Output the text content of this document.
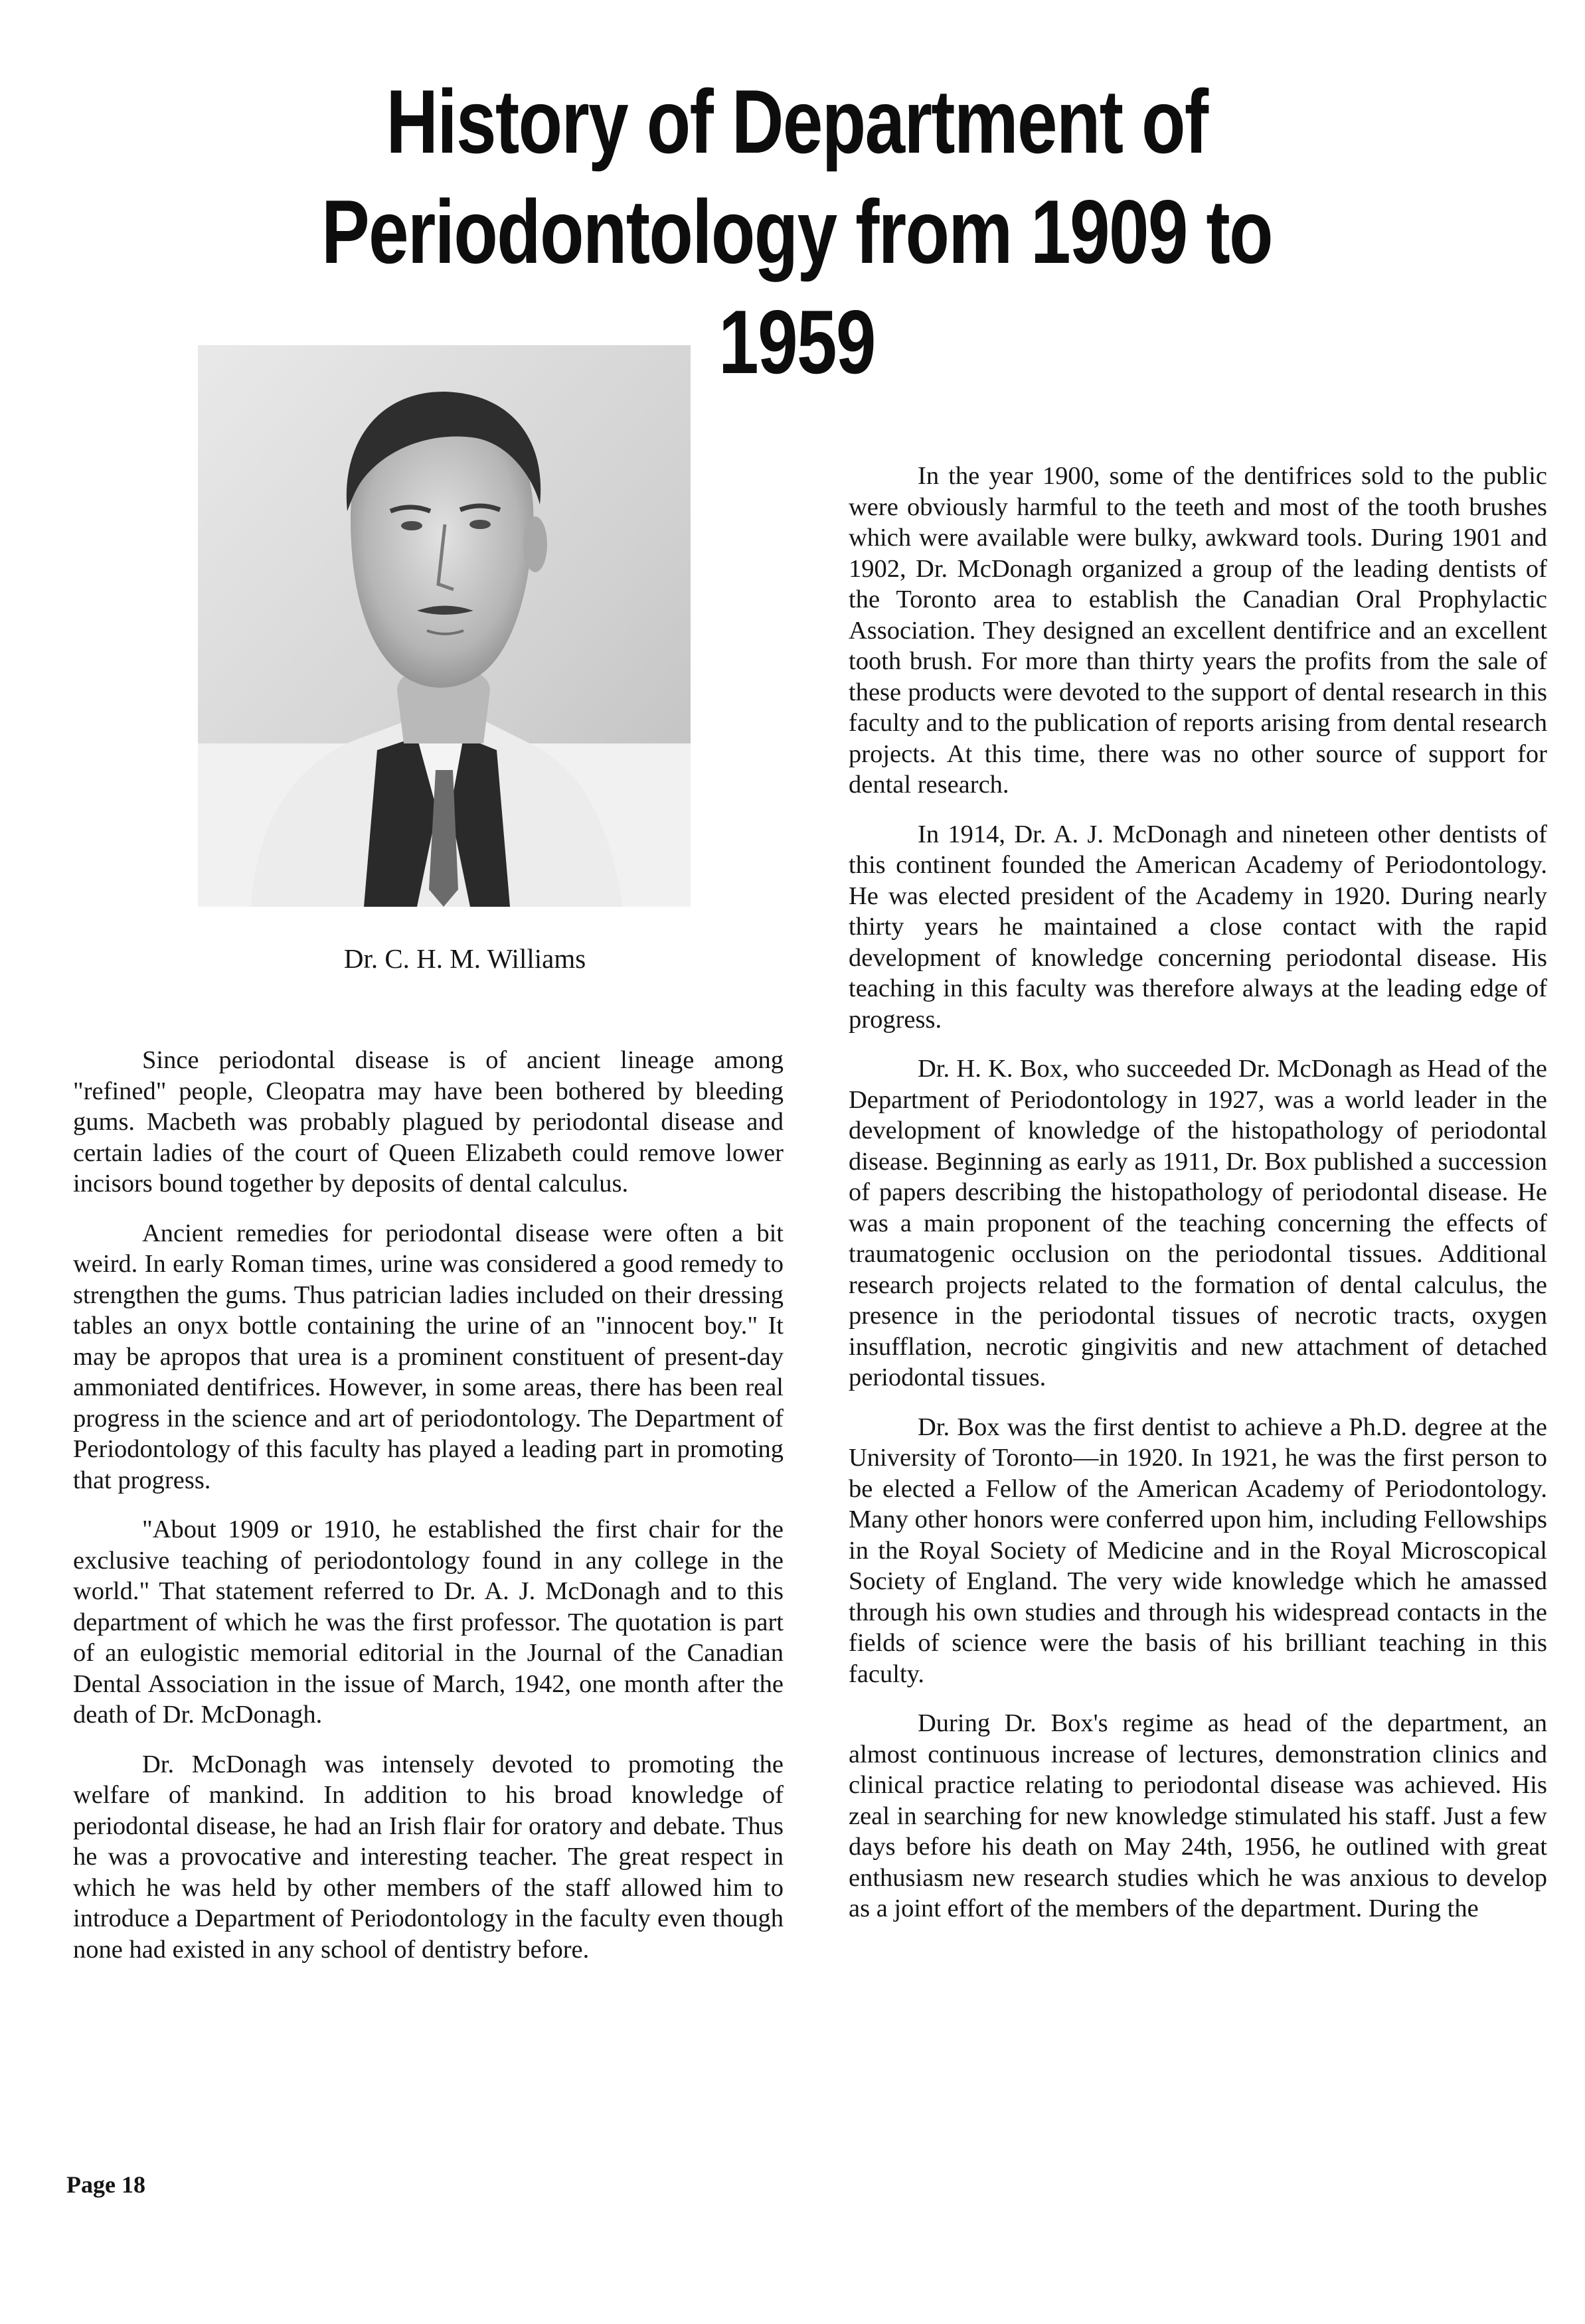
History of Department of
Periodontology from 1909 to 1959

Dr. C. H. M. Williams

Since periodontal disease is of ancient lineage among "refined" people, Cleopatra may have been bothered by bleeding gums. Macbeth was probably plagued by periodontal disease and certain ladies of the court of Queen Elizabeth could remove lower incisors bound together by deposits of dental calculus.

Ancient remedies for periodontal disease were often a bit weird. In early Roman times, urine was considered a good remedy to strengthen the gums. Thus patrician ladies included on their dressing tables an onyx bottle containing the urine of an "innocent boy." It may be apropos that urea is a prominent constituent of present-day ammoniated dentifrices. However, in some areas, there has been real progress in the science and art of periodontology. The Department of Periodontology of this faculty has played a leading part in promoting that progress.

"About 1909 or 1910, he established the first chair for the exclusive teaching of periodontology found in any college in the world." That statement referred to Dr. A. J. McDonagh and to this department of which he was the first professor. The quotation is part of an eulogistic memorial editorial in the Journal of the Canadian Dental Association in the issue of March, 1942, one month after the death of Dr. McDonagh.

Dr. McDonagh was intensely devoted to promoting the welfare of mankind. In addition to his broad knowledge of periodontal disease, he had an Irish flair for oratory and debate. Thus he was a provocative and interesting teacher. The great respect in which he was held by other members of the staff allowed him to introduce a Department of Periodontology in the faculty even though none had existed in any school of dentistry before.

In the year 1900, some of the dentifrices sold to the public were obviously harmful to the teeth and most of the tooth brushes which were available were bulky, awkward tools. During 1901 and 1902, Dr. McDonagh organized a group of the leading dentists of the Toronto area to establish the Canadian Oral Prophylactic Association. They designed an excellent dentifrice and an excellent tooth brush. For more than thirty years the profits from the sale of these products were devoted to the support of dental research in this faculty and to the publication of reports arising from dental research projects. At this time, there was no other source of support for dental research.

In 1914, Dr. A. J. McDonagh and nineteen other dentists of this continent founded the American Academy of Periodontology. He was elected president of the Academy in 1920. During nearly thirty years he maintained a close contact with the rapid development of knowledge concerning periodontal disease. His teaching in this faculty was therefore always at the leading edge of progress.

Dr. H. K. Box, who succeeded Dr. McDonagh as Head of the Department of Periodontology in 1927, was a world leader in the development of knowledge of the histopathology of periodontal disease. Beginning as early as 1911, Dr. Box published a succession of papers describing the histopathology of periodontal disease. He was a main proponent of the teaching concerning the effects of traumatogenic occlusion on the periodontal tissues. Additional research projects related to the formation of dental calculus, the presence in the periodontal tissues of necrotic tracts, oxygen insufflation, necrotic gingivitis and new attachment of detached periodontal tissues.

Dr. Box was the first dentist to achieve a Ph.D. degree at the University of Toronto—in 1920. In 1921, he was the first person to be elected a Fellow of the American Academy of Periodontology. Many other honors were conferred upon him, including Fellowships in the Royal Society of Medicine and in the Royal Microscopical Society of England. The very wide knowledge which he amassed through his own studies and through his widespread contacts in the fields of science were the basis of his brilliant teaching in this faculty.

During Dr. Box's regime as head of the department, an almost continuous increase of lectures, demonstration clinics and clinical practice relating to periodontal disease was achieved. His zeal in searching for new knowledge stimulated his staff. Just a few days before his death on May 24th, 1956, he outlined with great enthusiasm new research studies which he was anxious to develop as a joint effort of the members of the department. During the

Page 18
